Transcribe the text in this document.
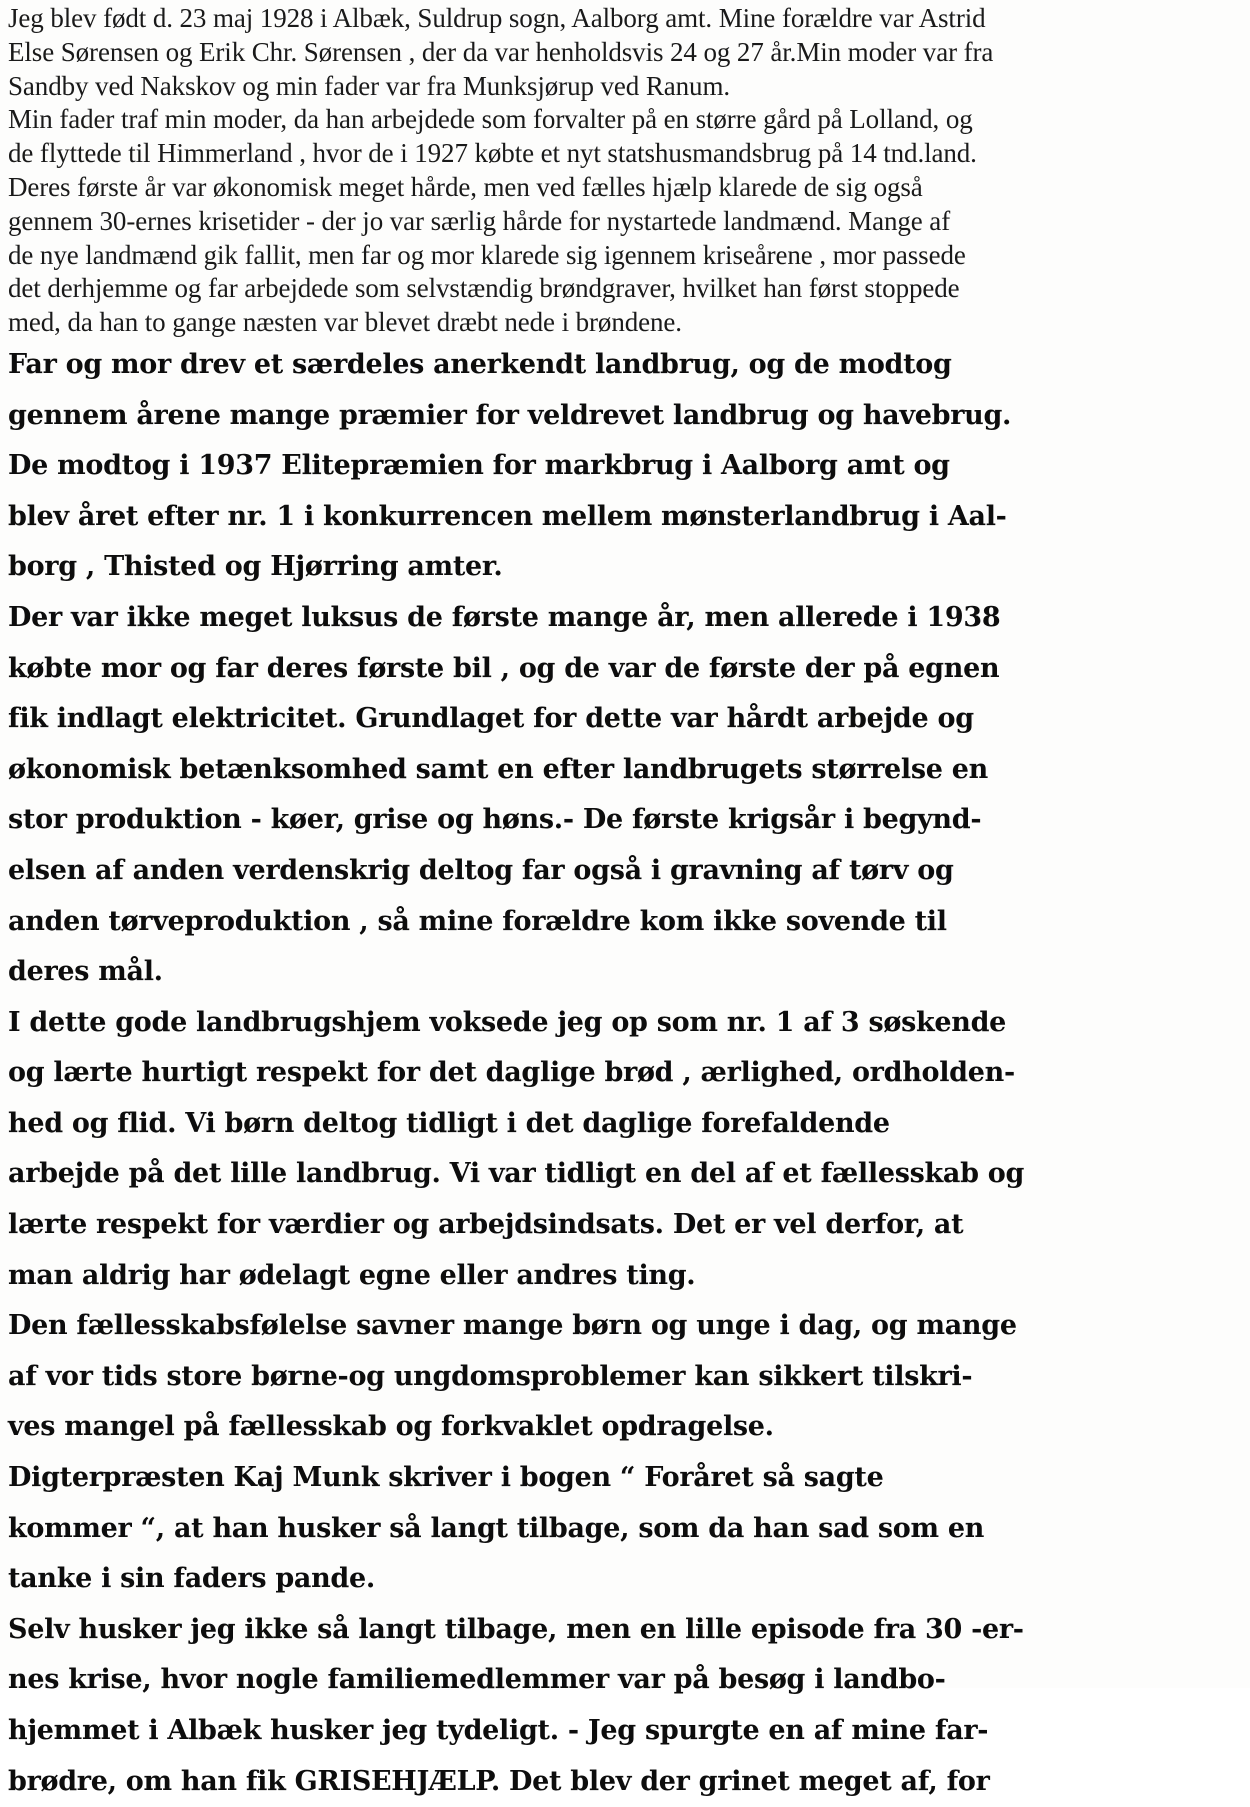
Jeg blev født d. 23 maj 1928 i Albæk, Suldrup sogn, Aalborg amt. Mine forældre var Astrid
Else Sørensen og Erik Chr. Sørensen , der da var henholdsvis 24 og 27 år.Min moder var fra
Sandby ved Nakskov og min fader var fra Munksjørup ved Ranum.
Min fader traf min moder, da han arbejdede som forvalter på en større gård på Lolland, og
de flyttede til Himmerland , hvor de i 1927 købte et nyt statshusmandsbrug på 14 tnd.land.
Deres første år var økonomisk meget hårde, men ved fælles hjælp klarede de sig også
gennem 30-ernes krisetider - der jo var særlig hårde for nystartede landmænd. Mange af
de nye landmænd gik fallit, men far og mor klarede sig igennem kriseårene , mor passede
det derhjemme og far arbejdede som selvstændig brøndgraver, hvilket han først stoppede
med, da han to gange næsten var blevet dræbt nede i brøndene.
Far og mor drev et særdeles anerkendt landbrug, og de modtog
gennem årene mange præmier for veldrevet landbrug og havebrug.
De modtog i 1937 Elitepræmien for markbrug i Aalborg amt og
blev året efter nr. 1 i konkurrencen mellem mønsterlandbrug i Aal-
borg , Thisted og Hjørring amter.
Der var ikke meget luksus de første mange år, men allerede i 1938
købte mor og far deres første bil , og de var de første der på egnen
fik indlagt elektricitet. Grundlaget for dette var hårdt arbejde og
økonomisk betænksomhed samt en efter landbrugets størrelse en
stor produktion - køer, grise og høns.- De første krigsår i begynd-
elsen af anden verdenskrig deltog far også i gravning af tørv og
anden tørveproduktion , så mine forældre kom ikke sovende til
deres mål.
I dette gode landbrugshjem voksede jeg op som nr. 1 af 3 søskende
og lærte hurtigt respekt for det daglige brød , ærlighed, ordholden-
hed og flid. Vi børn deltog tidligt i det daglige forefaldende
arbejde på det lille landbrug. Vi var tidligt en del af et fællesskab og
lærte respekt for værdier og arbejdsindsats. Det er vel derfor, at
man aldrig har ødelagt egne eller andres ting.
Den fællesskabsfølelse savner mange børn og unge i dag, og mange
af vor tids store børne-og ungdomsproblemer kan sikkert tilskri-
ves mangel på fællesskab og forkvaklet opdragelse.
Digterpræsten Kaj Munk skriver i bogen “ Foråret så sagte
kommer “, at han husker så langt tilbage, som da han sad som en
tanke i sin faders pande.
Selv husker jeg ikke så langt tilbage, men en lille episode fra 30 -er-
nes krise, hvor nogle familiemedlemmer var på besøg i landbo-
hjemmet i Albæk husker jeg tydeligt. - Jeg spurgte en af mine far-
brødre, om han fik GRISEHJÆLP. Det blev der grinet meget af, for
